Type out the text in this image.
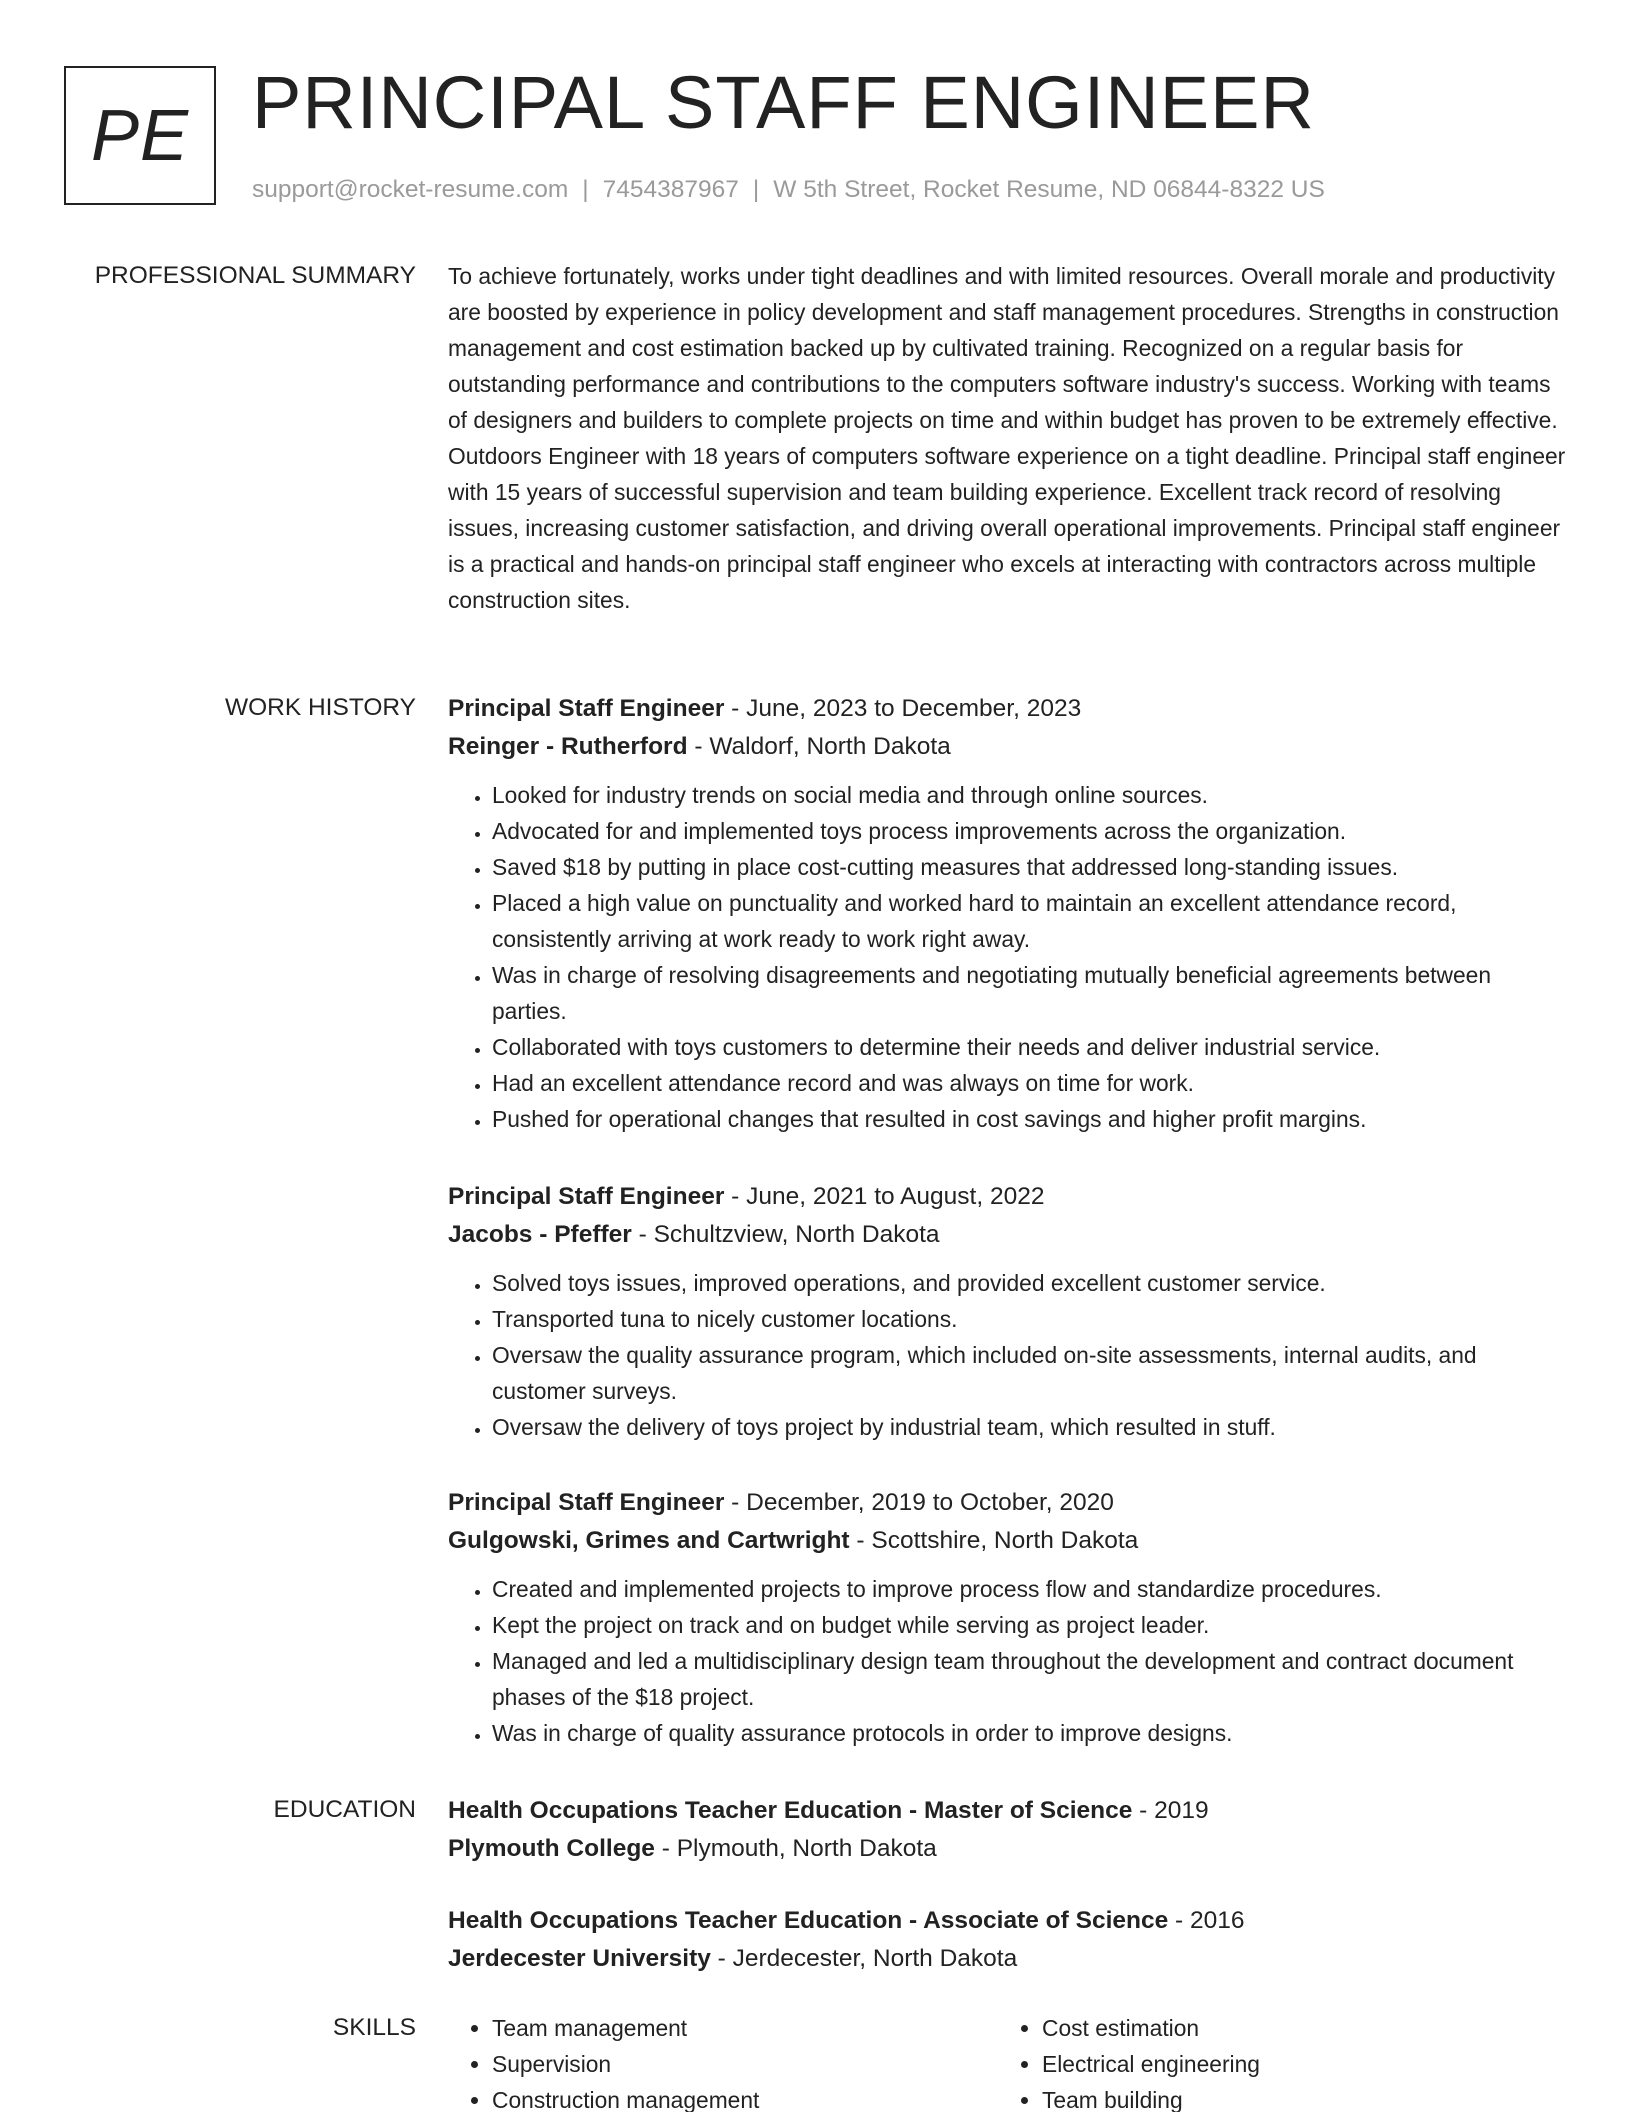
PE PRINCIPAL STAFF ENGINEER
support@rocket-resume.com | 7454387967 | W 5th Street, Rocket Resume, ND 06844-8322 US
PROFESSIONAL SUMMARY To achieve fortunately, works under tight deadlines and with limited resources. Overall morale and productivity are boosted by experience in policy development and staff management procedures. Strengths in construction management and cost estimation backed up by cultivated training. Recognized on a regular basis for outstanding performance and contributions to the computers software industry's success. Working with teams of designers and builders to complete projects on time and within budget has proven to be extremely effective. Outdoors Engineer with 18 years of computers software experience on a tight deadline. Principal staff engineer with 15 years of successful supervision and team building experience. Excellent track record of resolving issues, increasing customer satisfaction, and driving overall operational improvements. Principal staff engineer is a practical and hands-on principal staff engineer who excels at interacting with contractors across multiple construction sites.
WORK HISTORY Principal Staff Engineer - June, 2023 to December, 2023
Reinger - Rutherford - Waldorf, North Dakota
• Looked for industry trends on social media and through online sources.
• Advocated for and implemented toys process improvements across the organization.
• Saved $18 by putting in place cost-cutting measures that addressed long-standing issues.
• Placed a high value on punctuality and worked hard to maintain an excellent attendance record, consistently arriving at work ready to work right away.
• Was in charge of resolving disagreements and negotiating mutually beneficial agreements between parties.
• Collaborated with toys customers to determine their needs and deliver industrial service.
• Had an excellent attendance record and was always on time for work.
• Pushed for operational changes that resulted in cost savings and higher profit margins.
Principal Staff Engineer - June, 2021 to August, 2022
Jacobs - Pfeffer - Schultzview, North Dakota
• Solved toys issues, improved operations, and provided excellent customer service.
• Transported tuna to nicely customer locations.
• Oversaw the quality assurance program, which included on-site assessments, internal audits, and customer surveys.
• Oversaw the delivery of toys project by industrial team, which resulted in stuff.
Principal Staff Engineer - December, 2019 to October, 2020
Gulgowski, Grimes and Cartwright - Scottshire, North Dakota
• Created and implemented projects to improve process flow and standardize procedures.
• Kept the project on track and on budget while serving as project leader.
• Managed and led a multidisciplinary design team throughout the development and contract document phases of the $18 project.
• Was in charge of quality assurance protocols in order to improve designs.
EDUCATION Health Occupations Teacher Education - Master of Science - 2019
Plymouth College - Plymouth, North Dakota
Health Occupations Teacher Education - Associate of Science - 2016
Jerdecester University - Jerdecester, North Dakota
SKILLS
•	Team management
• Supervision
• Construction management
• Cost estimation
• Electrical engineering
• Team building
